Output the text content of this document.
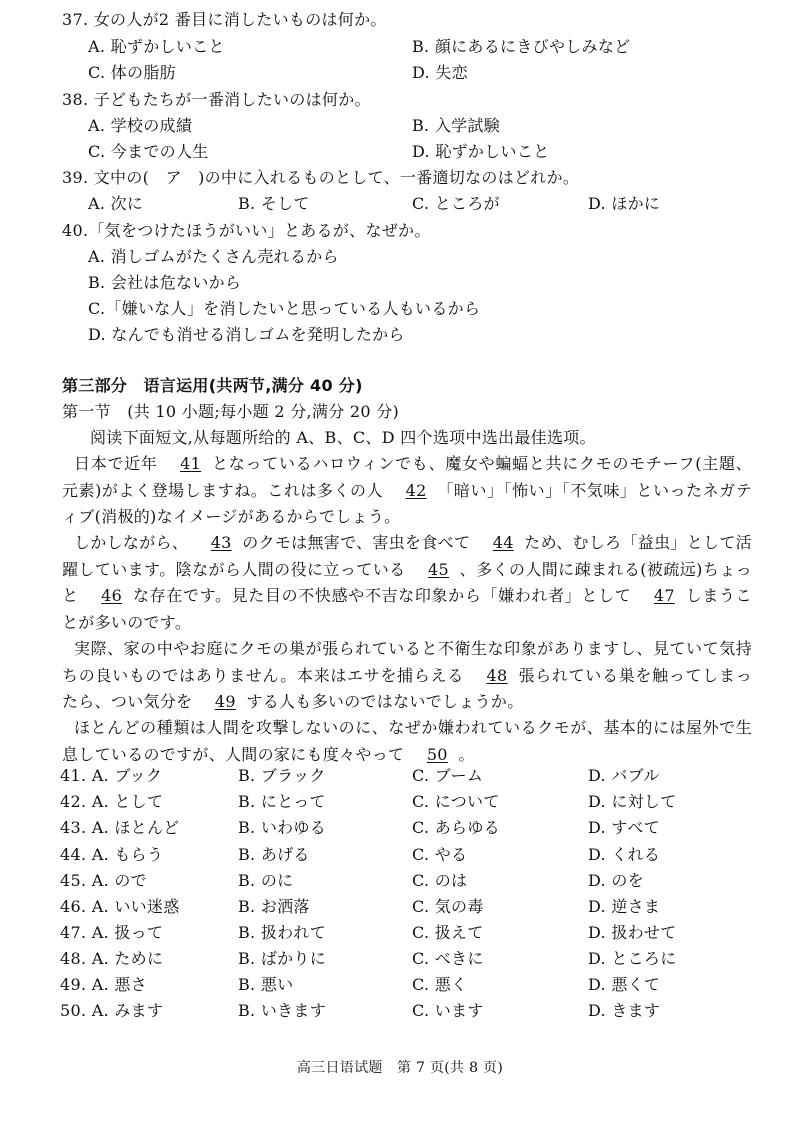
37. 女の人が2 番目に消したいものは何か。
A. 恥ずかしいこと	B. 顔にあるにきびやしみなど
C. 体の脂肪	D. 失恋
38. 子どもたちが一番消したいのは何か。
A. 学校の成績	B. 入学試験
C. 今までの人生	D. 恥ずかしいこと
39. 文中の(　ア　)の中に入れるものとして、一番適切なのはどれか。
A. 次に	B. そして	C. ところが	D. ほかに
40.「気をつけたほうがいい」とあるが、なぜか。
A. 消しゴムがたくさん売れるから
B. 会社は危ないから
C.「嫌いな人」を消したいと思っている人もいるから
D. なんでも消せる消しゴムを発明したから
第三部分　语言运用(共两节,满分 40 分)
第一节　(共 10 小题;每小题 2 分,满分 20 分)
阅读下面短文,从每题所给的 A、B、C、D 四个选项中选出最佳选项。
日本で近年 41 となっているハロウィンでも、魔女や蝙蝠と共にクモのモチーフ(主題、元素)がよく登場しますね。これは多くの人 42 「暗い」「怖い」「不気味」といったネガティブ(消极的)なイメージがあるからでしょう。
しかしながら、 43 のクモは無害で、害虫を食べて 44 ため、むしろ「益虫」として活躍しています。陰ながら人間の役に立っている 45 、多くの人間に疎まれる(被疏远)ちょっと 46 な存在です。見た目の不快感や不吉な印象から「嫌われ者」として 47 しまうことが多いのです。
実際、家の中やお庭にクモの巣が張られていると不衛生な印象がありますし、見ていて気持ちの良いものではありません。本来はエサを捕らえる 48 張られている巣を触ってしまったら、つい気分を 49 する人も多いのではないでしょうか。
ほとんどの種類は人間を攻撃しないのに、なぜか嫌われているクモが、基本的には屋外で生息しているのですが、人間の家にも度々やって 50 。
41. A. ブック	B. ブラック	C. ブーム	D. バブル
42. A. として	B. にとって	C. について	D. に対して
43. A. ほとんど	B. いわゆる	C. あらゆる	D. すべて
44. A. もらう	B. あげる	C. やる	D. くれる
45. A. ので	B. のに	C. のは	D. のを
46. A. いい迷惑	B. お洒落	C. 気の毒	D. 逆さま
47. A. 扱って	B. 扱われて	C. 扱えて	D. 扱わせて
48. A. ために	B. ばかりに	C. べきに	D. ところに
49. A. 悪さ	B. 悪い	C. 悪く	D. 悪くて
50. A. みます	B. いきます	C. います	D. きます
高三日语试题　第 7 页(共 8 页)
